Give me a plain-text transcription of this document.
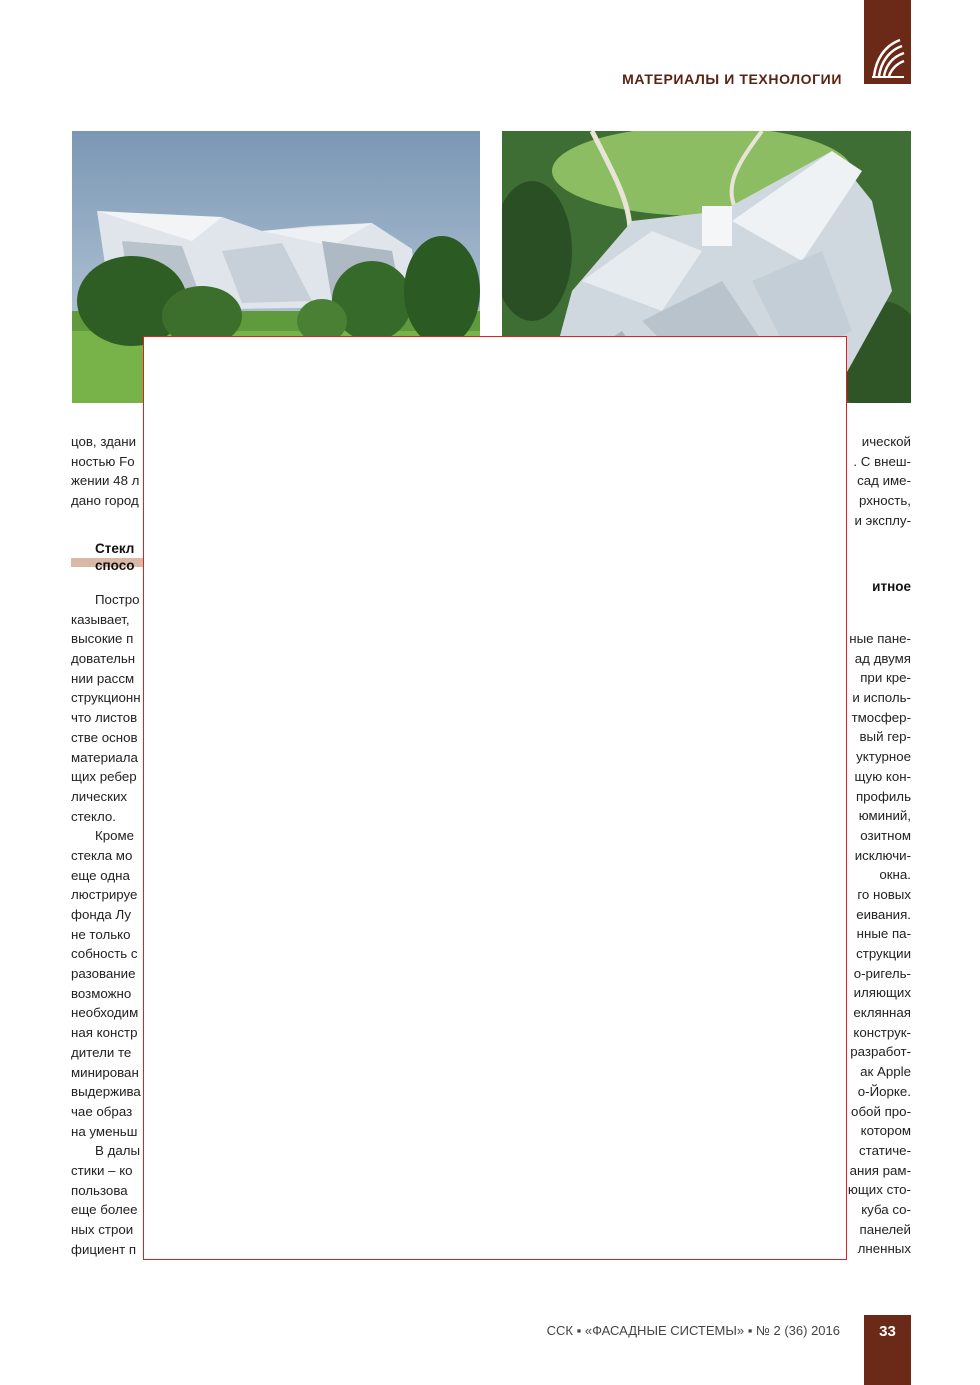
МАТЕРИАЛЫ И ТЕХНОЛОГИИ
цов, здани
ностью Fo
жении 48 л
дано город
Стекл
спосо
Постро
казывает,
высокие п
довательн
нии рассм
струкционн
что листов
стве основ
материала
щих ребер
лических
стекло.
Кроме
стекла мо
еще одна
люстрируе
фонда Лу
не только
собность с
разование
возможно
необходим
ная констр
дители те
минирован
выдержива
чае образ
на уменьш
В далы
стики – ко
пользова
еще более
ных строи
фициент п
ической
. С внеш-
сад име-
рхность,
и эксплу-
итное
ные пане-
ад двумя
при кре-
и исполь-
тмосфер-
вый гер-
уктурное
щую кон-
профиль
юминий,
озитном
исключи-
окна.
го новых
еивания.
нные па-
струкции
о-ригель-
иляющих
еклянная
конструк-
разработ-
ак Apple
о-Йорке.
обой про-
котором
статиче-
ания рам-
ющих сто-
куба со-
панелей
лненных
ССК ▪ «ФАСАДНЫЕ СИСТЕМЫ» ▪ № 2 (36) 2016	33
